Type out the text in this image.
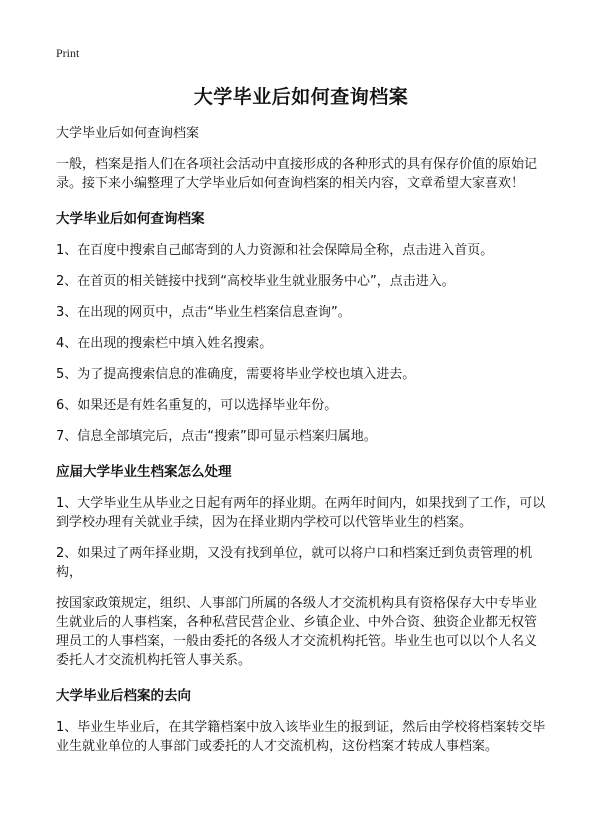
Print
大学毕业后如何查询档案
大学毕业后如何查询档案
一般，档案是指人们在各项社会活动中直接形成的各种形式的具有保存价值的原始记录。接下来小编整理了大学毕业后如何查询档案的相关内容，文章希望大家喜欢！
大学毕业后如何查询档案
1、在百度中搜索自己邮寄到的人力资源和社会保障局全称，点击进入首页。
2、在首页的相关链接中找到“高校毕业生就业服务中心”，点击进入。
3、在出现的网页中，点击“毕业生档案信息查询”。
4、在出现的搜索栏中填入姓名搜索。
5、为了提高搜索信息的准确度，需要将毕业学校也填入进去。
6、如果还是有姓名重复的，可以选择毕业年份。
7、信息全部填完后，点击“搜索”即可显示档案归属地。
应届大学毕业生档案怎么处理
1、大学毕业生从毕业之日起有两年的择业期。在两年时间内，如果找到了工作，可以到学校办理有关就业手续，因为在择业期内学校可以代管毕业生的档案。
2、如果过了两年择业期，又没有找到单位，就可以将户口和档案迁到负责管理的机构，
按国家政策规定，组织、人事部门所属的各级人才交流机构具有资格保存大中专毕业生就业后的人事档案，各种私营民营企业、乡镇企业、中外合资、独资企业都无权管理员工的人事档案，一般由委托的各级人才交流机构托管。毕业生也可以以个人名义委托人才交流机构托管人事关系。
大学毕业后档案的去向
1、毕业生毕业后，在其学籍档案中放入该毕业生的报到证，然后由学校将档案转交毕业生就业单位的人事部门或委托的人才交流机构，这份档案才转成人事档案。
